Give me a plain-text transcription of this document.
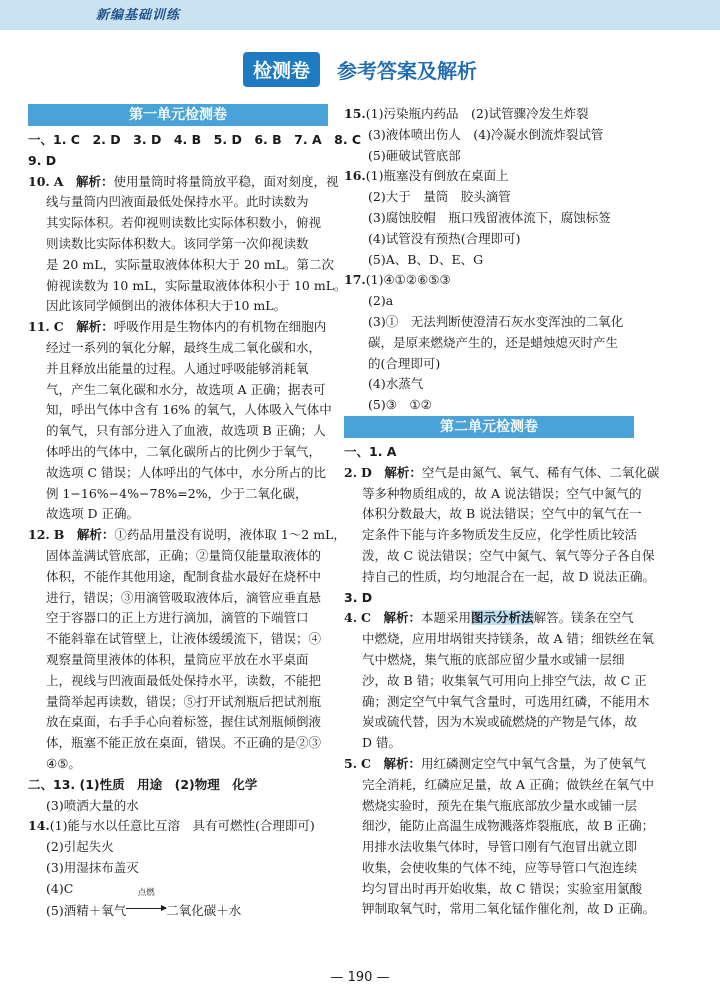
新编基础训练
检测卷 参考答案及解析
第一单元检测卷
一、1. C　2. D　3. D　4. B　5. D　6. B　7. A　8. C
9. D
10. A　 解析：使用量筒时将量筒放平稳，面对刻度，视
线与量筒内凹液面最低处保持水平。此时读数为
其实际体积。若仰视则读数比实际体积数小，俯视
则读数比实际体积数大。该同学第一次仰视读数
是 20 mL，实际量取液体体积大于 20 mL。第二次
俯视读数为 10 mL，实际量取液体体积小于 10 mL。
因此该同学倾倒出的液体体积大于10 mL。
11. C　 解析：呼吸作用是生物体内的有机物在细胞内
经过一系列的氧化分解，最终生成二氧化碳和水，
并且释放出能量的过程。人通过呼吸能够消耗氧
气，产生二氧化碳和水分，故选项 A 正确；据表可
知，呼出气体中含有 16% 的氧气，人体吸入气体中
的氧气，只有部分进入了血液，故选项 B 正确；人
体呼出的气体中，二氧化碳所占的比例少于氧气，
故选项 C 错误；人体呼出的气体中，水分所占的比
例 1−16%−4%−78%=2%，少于二氧化碳，
故选项 D 正确。
12. B　 解析：①药品用量没有说明，液体取 1～2 mL，
固体盖满试管底部，正确；②量筒仅能量取液体的
体积，不能作其他用途，配制食盐水最好在烧杯中
进行，错误；③用滴管吸取液体后，滴管应垂直悬
空于容器口的正上方进行滴加，滴管的下端管口
不能斜靠在试管壁上，让液体缓缓流下，错误；④
观察量筒里液体的体积，量筒应平放在水平桌面
上，视线与凹液面最低处保持水平，读数，不能把
量筒举起再读数，错误；⑤打开试剂瓶后把试剂瓶
放在桌面，右手手心向着标签，握住试剂瓶倾倒液
体，瓶塞不能正放在桌面，错误。不正确的是②③
④⑤。
二、13. (1)性质　用途　(2)物理　化学
(3)喷洒大量的水
14.(1)能与水以任意比互溶　具有可燃性(合理即可)
(2)引起失火
(3)用湿抹布盖灭
(4)C
(5)酒精＋氧气
点燃
二氧化碳＋水
15.(1)污染瓶内药品　(2)试管骤冷发生炸裂
(3)液体喷出伤人　(4)冷凝水倒流炸裂试管
(5)砸破试管底部
16.(1)瓶塞没有倒放在桌面上
(2)大于　量筒　胶头滴管
(3)腐蚀胶帽　瓶口残留液体流下，腐蚀标签
(4)试管没有预热(合理即可)
(5)A、B、D、E、G
17.(1)④①②⑥⑤③
(2)a
(3)①　无法判断使澄清石灰水变浑浊的二氧化
碳，是原来燃烧产生的，还是蜡烛熄灭时产生
的(合理即可)
(4)水蒸气
(5)③　①②
第二单元检测卷
一、1. A
2. D　 解析：空气是由氮气、氧气、稀有气体、二氧化碳
等多种物质组成的，故 A 说法错误；空气中氮气的
体积分数最大，故 B 说法错误；空气中的氧气在一
定条件下能与许多物质发生反应，化学性质比较活
泼，故 C 说法错误；空气中氮气、氧气等分子各自保
持自己的性质，均匀地混合在一起，故 D 说法正确。
3. D
4. C　 解析：本题采用图示分析法解答。镁条在空气
中燃烧，应用坩埚钳夹持镁条，故 A 错；细铁丝在氧
气中燃烧，集气瓶的底部应留少量水或铺一层细
沙，故 B 错；收集氧气可用向上排空气法，故 C 正
确；测定空气中氧气含量时，可选用红磷，不能用木
炭或硫代替，因为木炭或硫燃烧的产物是气体，故
D 错。
5. C　 解析：用红磷测定空气中氧气含量，为了使氧气
完全消耗，红磷应足量，故 A 正确；做铁丝在氧气中
燃烧实验时，预先在集气瓶底部放少量水或铺一层
细沙，能防止高温生成物溅落炸裂瓶底，故 B 正确；
用排水法收集气体时，导管口刚有气泡冒出就立即
收集，会使收集的气体不纯，应等导管口气泡连续
均匀冒出时再开始收集，故 C 错误；实验室用氯酸
钾制取氧气时，常用二氧化锰作催化剂，故 D 正确。
— 190 —
